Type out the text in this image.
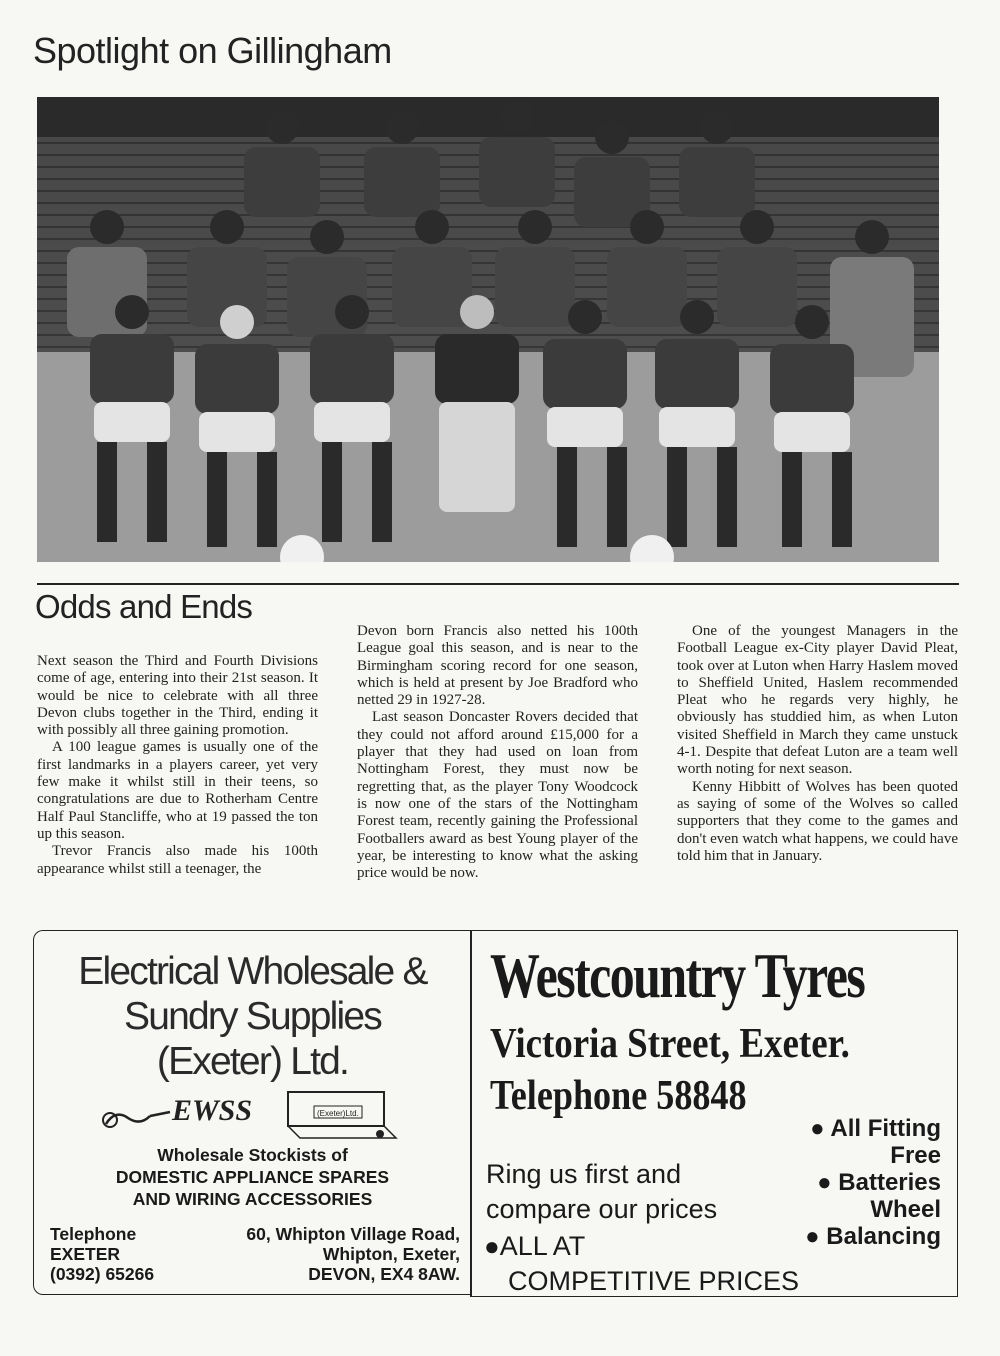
Spotlight on Gillingham
Odds and Ends

Next season the Third and Fourth Divisions come of age, entering into their 21st season. It would be nice to celebrate with all three Devon clubs together in the Third, ending it with possibly all three gaining promotion.

A 100 league games is usually one of the first landmarks in a players career, yet very few make it whilst still in their teens, so congratulations are due to Rotherham Centre Half Paul Stancliffe, who at 19 passed the ton up this season.

Trevor Francis also made his 100th appearance whilst still a teenager, the

Devon born Francis also netted his 100th League goal this season, and is near to the Birmingham scoring record for one season, which is held at present by Joe Bradford who netted 29 in 1927-28.

Last season Doncaster Rovers decided that they could not afford around £15,000 for a player that they had used on loan from Nottingham Forest, they must now be regretting that, as the player Tony Woodcock is now one of the stars of the Nottingham Forest team, recently gaining the Professional Footballers award as best Young player of the year, be interesting to know what the asking price would be now.

One of the youngest Managers in the Football League ex-City player David Pleat, took over at Luton when Harry Haslem moved to Sheffield United, Haslem recommended Pleat who he regards very highly, he obviously has studdied him, as when Luton visited Sheffield in March they came unstuck 4-1. Despite that defeat Luton are a team well worth noting for next season.

Kenny Hibbitt of Wolves has been quoted as saying of some of the Wolves so called supporters that they come to the games and don't even watch what happens, we could have told him that in January.

Electrical Wholesale &
Sundry Supplies
(Exeter) Ltd.
EWSS	(Exeter)Ltd.
Wholesale Stockists of
DOMESTIC APPLIANCE SPARES
AND WIRING ACCESSORIES
Telephone
EXETER
(0392) 65266
60, Whipton Village Road,
Whipton, Exeter,
DEVON, EX4 8AW.
Westcountry Tyres
Victoria Street, Exeter.
Telephone 58848
Ring us first and
compare our prices
●ALL AT
COMPETITIVE PRICES
● All Fitting
Free
● Batteries
Wheel
● Balancing
